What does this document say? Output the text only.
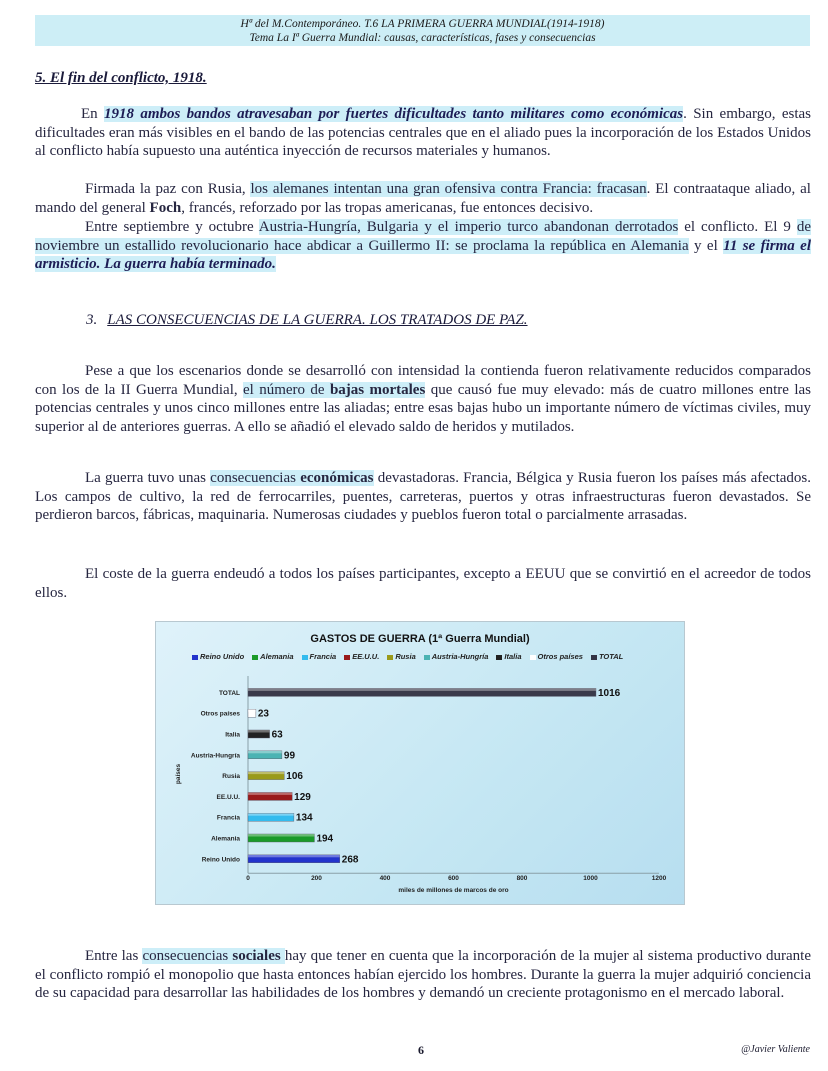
Hª del M.Contemporáneo. T.6 LA PRIMERA GUERRA MUNDIAL(1914-1918)
Tema La Iª Guerra Mundial: causas, características, fases y consecuencias
5. El fin del conflicto, 1918.
En 1918 ambos bandos atravesaban por fuertes dificultades tanto militares como económicas. Sin embargo, estas dificultades eran más visibles en el bando de las potencias centrales que en el aliado pues la incorporación de los Estados Unidos al conflicto había supuesto una auténtica inyección de recursos materiales y humanos.
Firmada la paz con Rusia, los alemanes intentan una gran ofensiva contra Francia: fracasan. El contraataque aliado, al mando del general Foch, francés, reforzado por las tropas americanas, fue entonces decisivo.
Entre septiembre y octubre Austria-Hungría, Bulgaria y el imperio turco abandonan derrotados el conflicto. El 9 de noviembre un estallido revolucionario hace abdicar a Guillermo II: se proclama la república en Alemania y el 11 se firma el armisticio. La guerra había terminado.
3. LAS CONSECUENCIAS DE LA GUERRA. LOS TRATADOS DE PAZ.
Pese a que los escenarios donde se desarrolló con intensidad la contienda fueron relativamente reducidos comparados con los de la II Guerra Mundial, el número de bajas mortales que causó fue muy elevado: más de cuatro millones entre las potencias centrales y unos cinco millones entre las aliadas; entre esas bajas hubo un importante número de víctimas civiles, muy superior al de anteriores guerras. A ello se añadió el elevado saldo de heridos y mutilados.
La guerra tuvo unas consecuencias económicas devastadoras. Francia, Bélgica y Rusia fueron los países más afectados. Los campos de cultivo, la red de ferrocarriles, puentes, carreteras, puertos y otras infraestructuras fueron devastados. Se perdieron barcos, fábricas, maquinaria. Numerosas ciudades y pueblos fueron total o parcialmente arrasadas.
El coste de la guerra endeudó a todos los países participantes, excepto a EEUU que se convirtió en el acreedor de todos ellos.
GASTOS DE GUERRA (1ª Guerra Mundial)
Reino Unido	Alemania	Francia	EE.U.U.	Rusia	Austria-Hungría	Italia	Otros países	TOTAL
0	200	400	600	800	1000	1200
miles de millones de marcos de oro
países
TOTAL	1016
Otros países 23
Italia	63
Austria-Hungría	99
Rusia	106
EE.U.U.	129
Francia	134
Alemania	194
Reino Unido	268
Entre las consecuencias sociales hay que tener en cuenta que la incorporación de la mujer al sistema productivo durante el conflicto rompió el monopolio que hasta entonces habían ejercido los hombres. Durante la guerra la mujer adquirió conciencia de su capacidad para desarrollar las habilidades de los hombres y demandó un creciente protagonismo en el mercado laboral.
6	@Javier Valiente
